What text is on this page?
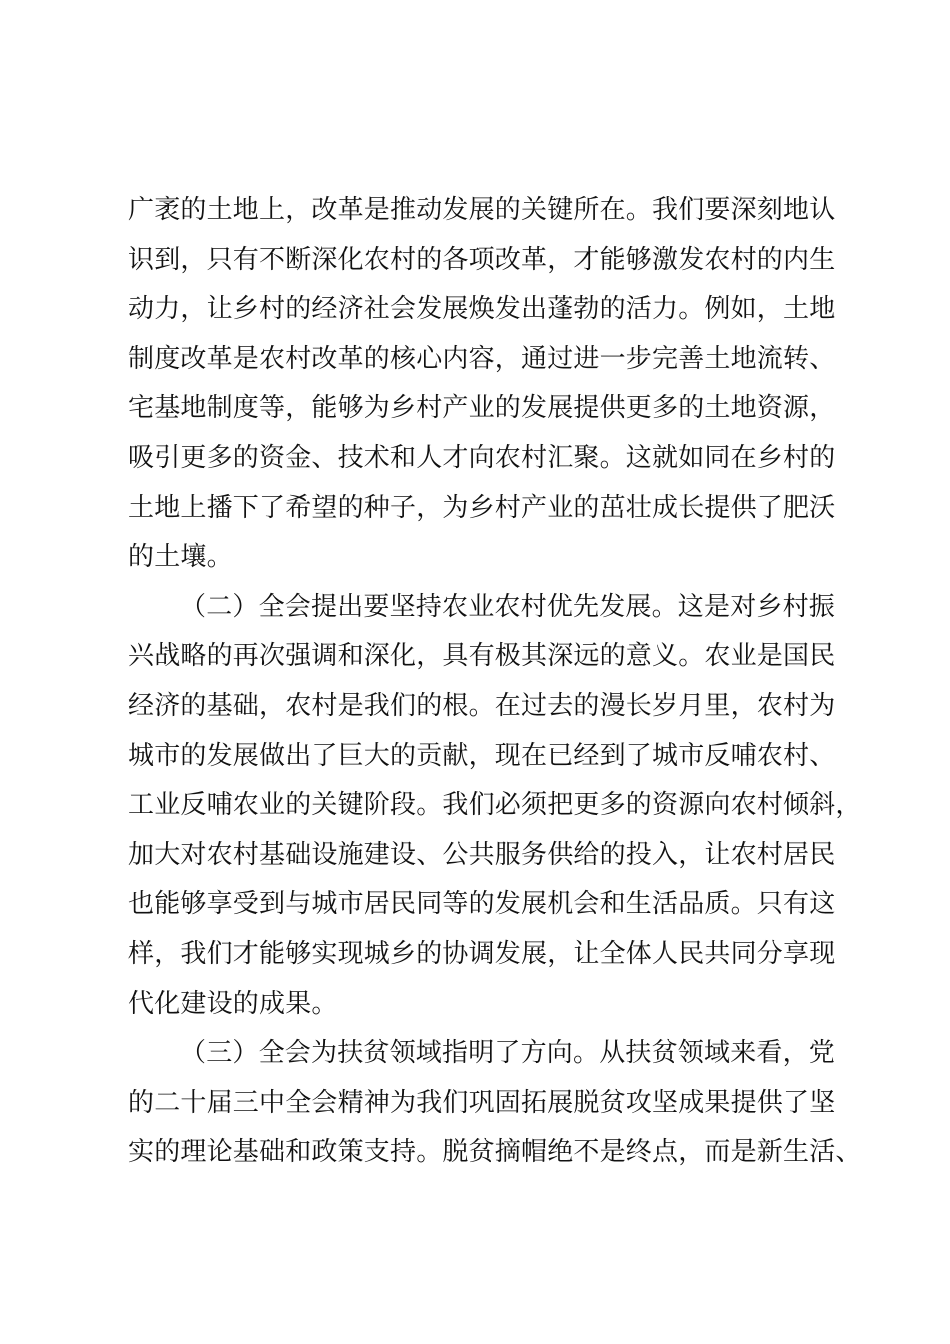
广袤的土地上，改革是推动发展的关键所在。我们要深刻地认
识到，只有不断深化农村的各项改革，才能够激发农村的内生
动力，让乡村的经济社会发展焕发出蓬勃的活力。例如，土地
制度改革是农村改革的核心内容，通过进一步完善土地流转、
宅基地制度等，能够为乡村产业的发展提供更多的土地资源，
吸引更多的资金、技术和人才向农村汇聚。这就如同在乡村的
土地上播下了希望的种子，为乡村产业的茁壮成长提供了肥沃
的土壤。
（二）全会提出要坚持农业农村优先发展。这是对乡村振
兴战略的再次强调和深化，具有极其深远的意义。农业是国民
经济的基础，农村是我们的根。在过去的漫长岁月里，农村为
城市的发展做出了巨大的贡献，现在已经到了城市反哺农村、
工业反哺农业的关键阶段。我们必须把更多的资源向农村倾斜，
加大对农村基础设施建设、公共服务供给的投入，让农村居民
也能够享受到与城市居民同等的发展机会和生活品质。只有这
样，我们才能够实现城乡的协调发展，让全体人民共同分享现
代化建设的成果。
（三）全会为扶贫领域指明了方向。从扶贫领域来看，党
的二十届三中全会精神为我们巩固拓展脱贫攻坚成果提供了坚
实的理论基础和政策支持。脱贫摘帽绝不是终点，而是新生活、
